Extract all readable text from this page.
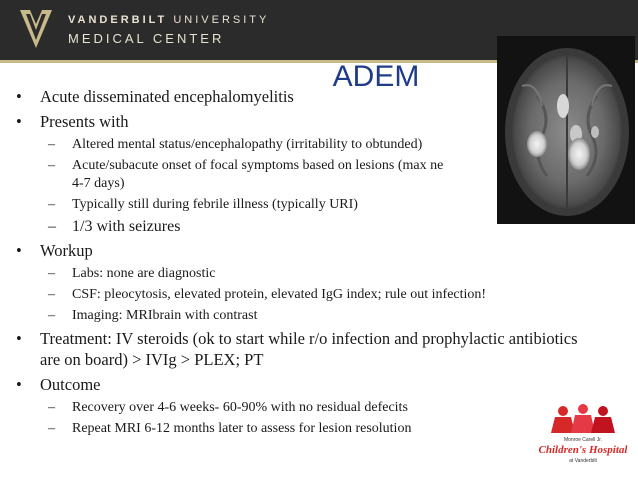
VANDERBILT UNIVERSITY
MEDICAL CENTER
ADEM
• Acute disseminated encephalomyelitis
• Presents with
– Altered mental status/encephalopathy (irritability to obtunded)
– Acute/subacute onset of focal symptoms based on lesions (max ne
4-7 days)
– Typically still during febrile illness (typically URI)
– 1/3 with seizures
• Workup
– Labs: none are diagnostic
– CSF: pleocytosis, elevated protein, elevated IgG index; rule out infection!
– Imaging: MRIbrain with contrast
• Treatment: IV steroids (ok to start while r/o infection and prophylactic antibiotics
are on board) > IVIg > PLEX; PT
• Outcome
– Recovery over 4-6 weeks- 60-90% with no residual defecits
– Repeat MRI 6-12 months later to assess for lesion resolution
Monroe Carell Jr.
Children's Hospital
at Vanderbilt
